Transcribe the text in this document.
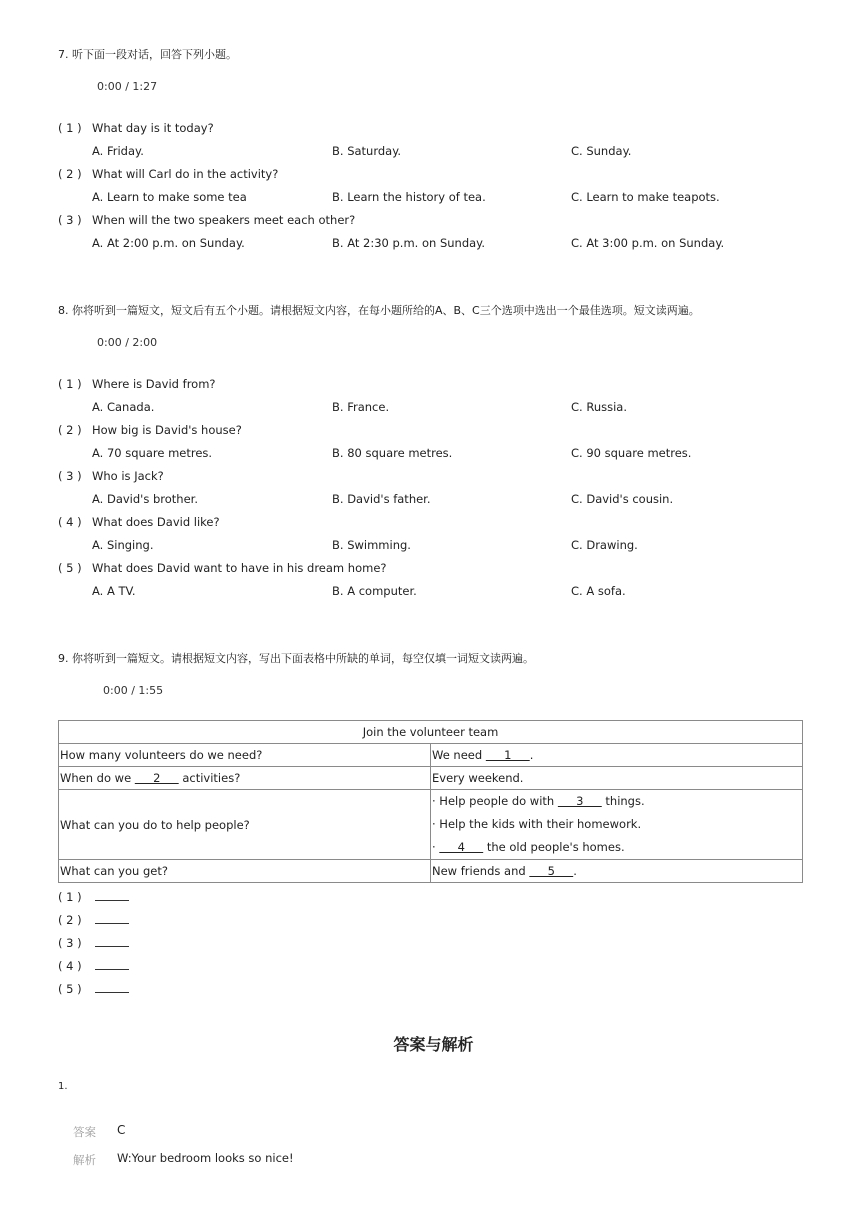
7. 听下面一段对话，回答下列小题。
0:00 / 1:27
( 1 ) What day is it today?
A. Friday.	B. Saturday.	C. Sunday.
( 2 ) What will Carl do in the activity?
A. Learn to make some tea	B. Learn the history of tea.	C. Learn to make teapots.
( 3 ) When will the two speakers meet each other?
A. At 2:00 p.m. on Sunday.	B. At 2:30 p.m. on Sunday.	C. At 3:00 p.m. on Sunday.
8. 你将听到一篇短文，短文后有五个小题。请根据短文内容，在每小题所给的A、B、C三个选项中选出一个最佳选项。短文读两遍。
0:00 / 2:00
( 1 ) Where is David from?
A. Canada.	B. France.	C. Russia.
( 2 ) How big is David's house?
A. 70 square metres.	B. 80 square metres.	C. 90 square metres.
( 3 ) Who is Jack?
A. David's brother.	B. David's father.	C. David's cousin.
( 4 ) What does David like?
A. Singing.	B. Swimming.	C. Drawing.
( 5 ) What does David want to have in his dream home?
A. A TV.	B. A computer.	C. A sofa.
9. 你将听到一篇短文。请根据短文内容，写出下面表格中所缺的单词，每空仅填一词短文读两遍。
0:00 / 1:55
Join the volunteer team	
How many volunteers do we need?	We need      1     .
When do we      2      activities?	Every weekend.
What can you do to help people?	· Help people do with      3      things.
· Help the kids with their homework.
·      4      the old people's homes.

What can you get?	New friends and      5     .
( 1 )
( 2 )
( 3 )
( 4 )
( 5 )
答案与解析
1.
答案 C
解析 W:Your bedroom looks so nice!
